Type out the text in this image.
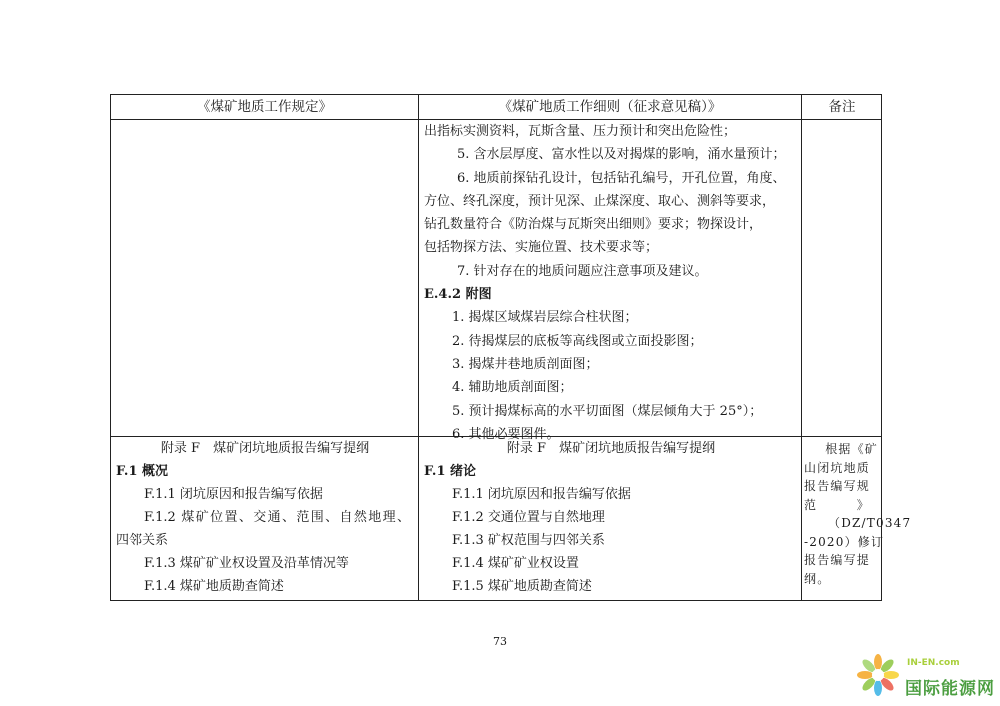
《煤矿地质工作规定》	《煤矿地质工作细则（征求意见稿）》	备注

出指标实测资料，瓦斯含量、压力预计和突出危险性；

5. 含水层厚度、富水性以及对揭煤的影响，涌水量预计；

6. 地质前探钻孔设计，包括钻孔编号，开孔位置，角度、

方位、终孔深度，预计见深、止煤深度、取心、测斜等要求，

钻孔数量符合《防治煤与瓦斯突出细则》要求；物探设计，

包括物探方法、实施位置、技术要求等；

7. 针对存在的地质问题应注意事项及建议。

E.4.2 附图

1. 揭煤区域煤岩层综合柱状图；

2. 待揭煤层的底板等高线图或立面投影图；

3. 揭煤井巷地质剖面图；

4. 辅助地质剖面图；

5. 预计揭煤标高的水平切面图（煤层倾角大于 25°）；

6. 其他必要图件。

附录 F　煤矿闭坑地质报告编写提纲

F.1 概况

F.1.1 闭坑原因和报告编写依据

F.1.2 煤矿位置、交通、范围、自然地理、

四邻关系

F.1.3 煤矿矿业权设置及沿革情况等

F.1.4 煤矿地质勘查简述

附录 F　煤矿闭坑地质报告编写提纲

F.1 绪论

F.1.1 闭坑原因和报告编写依据

F.1.2 交通位置与自然地理

F.1.3 矿权范围与四邻关系

F.1.4 煤矿矿业权设置

F.1.5 煤矿地质勘查简述

根据《矿

山闭坑地质

报告编写规

范　　　》

（DZ/T0347

-2020）修订

报告编写提

纲。

73
IN-EN.com
国际能源网
